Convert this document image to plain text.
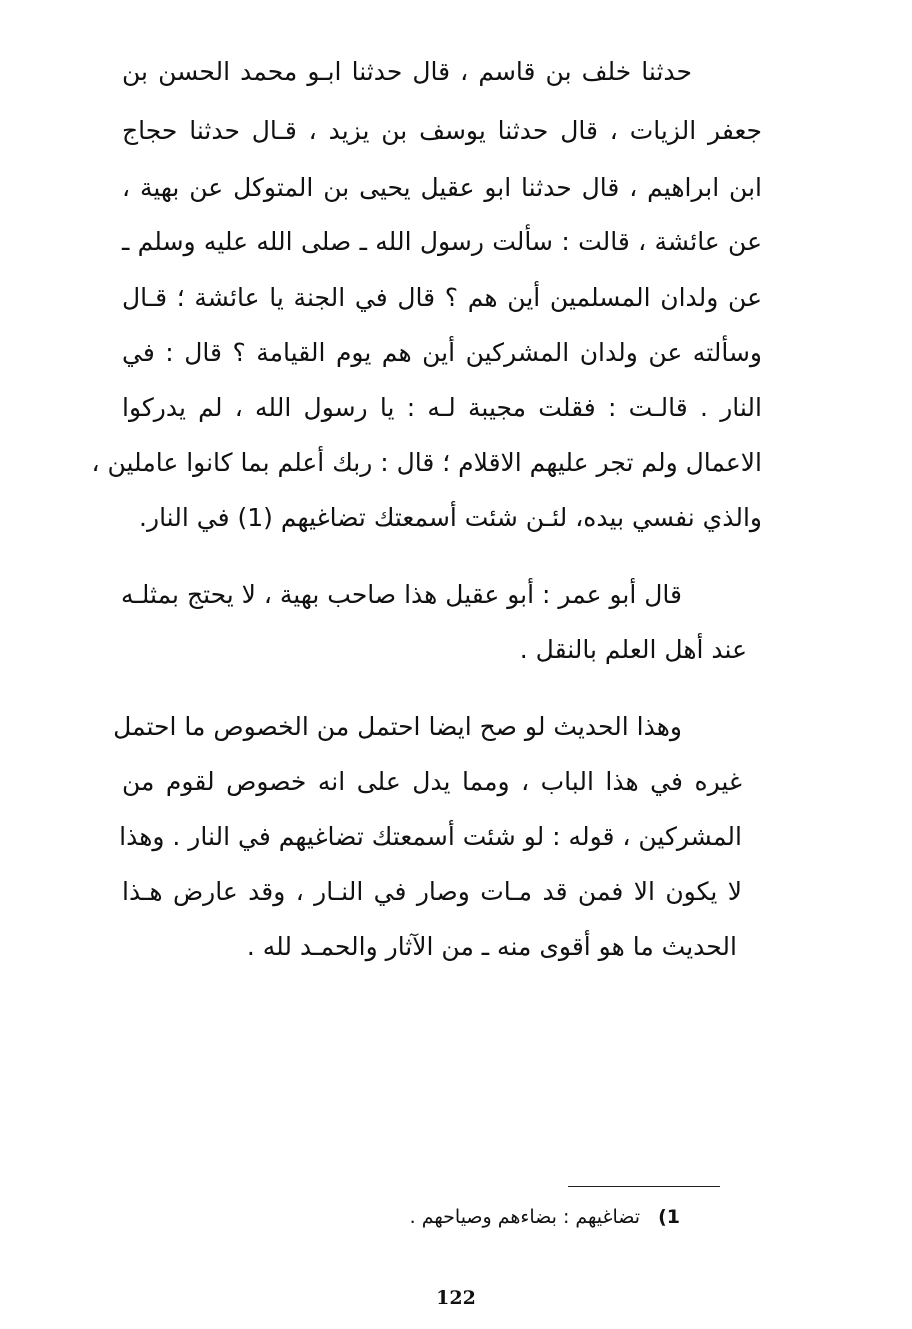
حدثنا خلف بن قاسم ، قال حدثنا ابـو محمد الحسن بن
جعفر الزيات ، قال حدثنا يوسف بن يزيد ، قـال حدثنا حجاج
ابن ابراهيم ، قال حدثنا ابو عقيل يحيى بن المتوكل عن بهية ،
عن عائشة ، قالت : سألت رسول الله ـ صلى الله عليه وسلم ـ
عن ولدان المسلمين أين هم ؟ قال في الجنة يا عائشة ؛ قـال
وسألته عن ولدان المشركين أين هم يوم القيامة ؟ قال : في
النار . قالـت : فقلت مجيبة لـه : يا رسول الله ، لم يدركوا
الاعمال ولم تجر عليهم الاقلام ؛ قال : ربك أعلم بما كانوا عاملين ،
والذي نفسي بيده، لئـن شئت أسمعتك تضاغيهم (1) في النار.
قال أبو عمر : أبو عقيل هذا صاحب بهية ، لا يحتج بمثلـه
عند أهل العلم بالنقل .
وهذا الحديث لو صح ايضا احتمل من الخصوص ما احتمل
غيره في هذا الباب ، ومما يدل على انه خصوص لقوم من
المشركين ، قوله : لو شئت أسمعتك تضاغيهم في النار . وهذا
لا يكون الا فمن قد مـات وصار في النـار ، وقد عارض هـذا
الحديث ما هو أقوى منه ـ من الآثار والحمـد لله .
1) تضاغيهم : بضاءهم وصياحهم .
122
